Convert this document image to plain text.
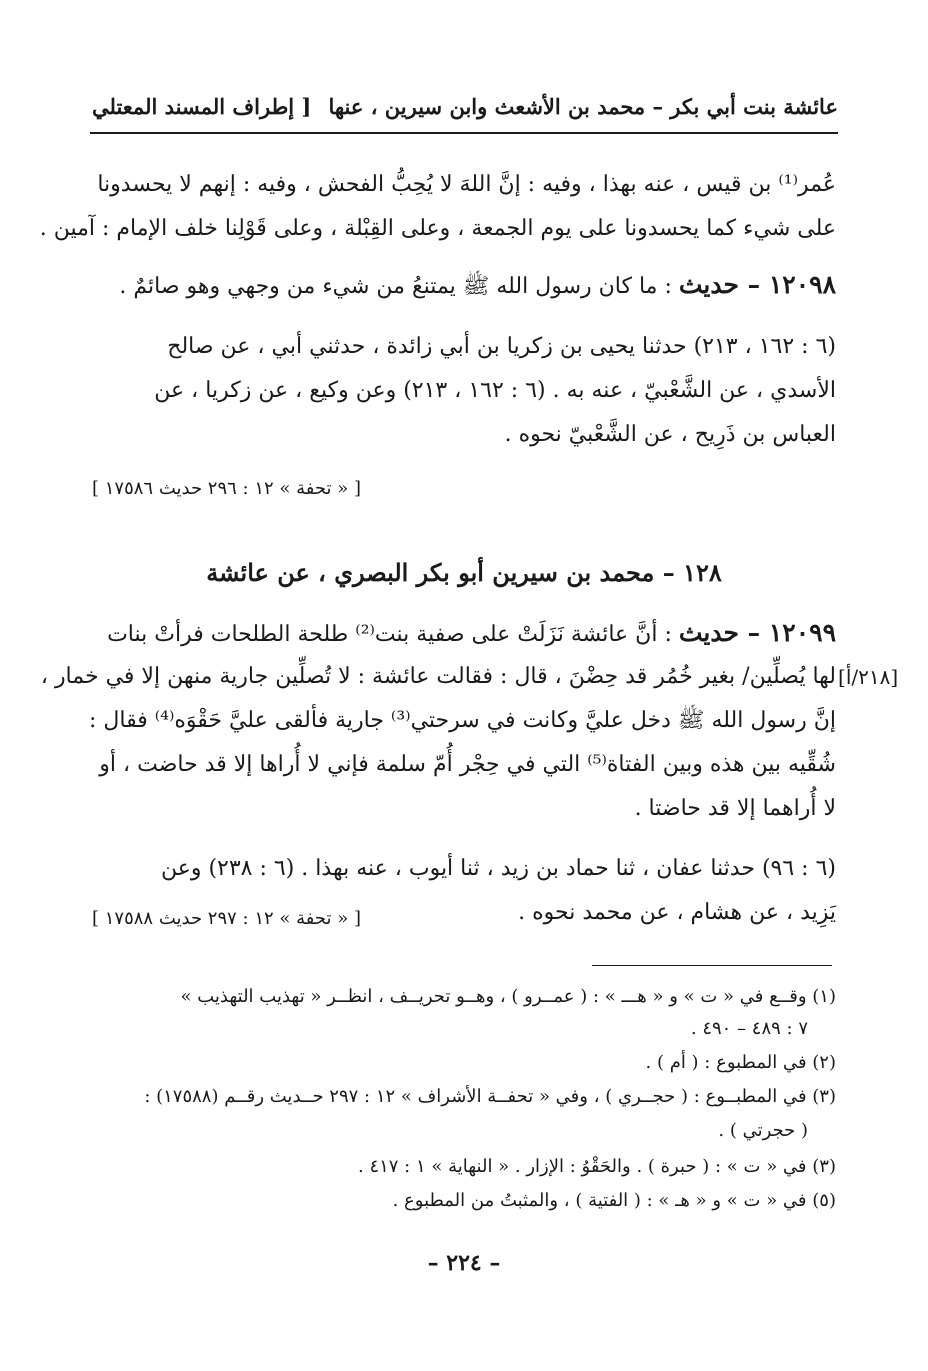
عائشة بنت أبي بكر – محمد بن الأشعث وابن سيرين ، عنها
[ إطراف المسند المعتلي
عُمر⁽¹⁾ بن قيس ، عنه بهذا ، وفيه : إنَّ اللهَ لا يُحِبُّ الفحش ، وفيه : إنهم لا يحسدونا
على شيء كما يحسدونا على يوم الجمعة ، وعلى القِبْلة ، وعلى قَوْلِنا خلف الإمام : آمين .
١٢٠٩٨ – حديث : ما كان رسول الله ﷺ يمتنعُ من شيء من وجهي وهو صائمٌ .
(٦ : ١٦٢ ، ٢١٣) حدثنا يحيى بن زكريا بن أبي زائدة ، حدثني أبي ، عن صالح
الأسدي ، عن الشَّعْبيّ ، عنه به . (٦ : ١٦٢ ، ٢١٣) وعن وكيع ، عن زكريا ، عن
العباس بن ذَرِيح ، عن الشَّعْبيّ نحوه .
[ « تحفة » ١٢ : ٢٩٦ حديث ١٧٥٨٦ ]
١٢٨ – محمد بن سيرين أبو بكر البصري ، عن عائشة
١٢٠٩٩ – حديث : أنَّ عائشة نَزَلَتْ على صفية بنت⁽²⁾ طلحة الطلحات فرأتْ بنات
لها يُصلِّين/ بغير خُمُر قد حِضْنَ ، قال : فقالت عائشة : لا تُصلِّين جارية منهن إلا في خمار ، [٢١٨/أ]
إنَّ رسول الله ﷺ دخل عليَّ وكانت في سرحتي⁽³⁾ جارية فألقى عليَّ حَقْوَه⁽⁴⁾ فقال :
شُقِّيه بين هذه وبين الفتاة⁽⁵⁾ التي في حِجْر أُمّ سلمة فإني لا أُراها إلا قد حاضت ، أو
لا أُراهما إلا قد حاضتا .
(٦ : ٩٦) حدثنا عفان ، ثنا حماد بن زيد ، ثنا أيوب ، عنه بهذا . (٦ : ٢٣٨) وعن
يَزِيد ، عن هشام ، عن محمد نحوه .
[ « تحفة » ١٢ : ٢٩٧ حديث ١٧٥٨٨ ]
(١) وقــع في « ت » و « هـــ » : ( عمــرو ) ، وهــو تحريــف ، انظــر « تهذيب التهذيب »
٧ : ٤٨٩ – ٤٩٠ .
(٢) في المطبوع : ( أم ) .
(٣) في المطبــوع : ( حجــري ) ، وفي « تحفــة الأشراف » ١٢ : ٢٩٧ حــديث رقــم (١٧٥٨٨) :
( حجرتي ) .
(٣) في « ت » : ( حبرة ) . والحَقْوُ : الإزار . « النهاية » ١ : ٤١٧ .
(٥) في « ت » و « هـ » : ( الفتية ) ، والمثبتُ من المطبوع .
– ٢٢٤ –
